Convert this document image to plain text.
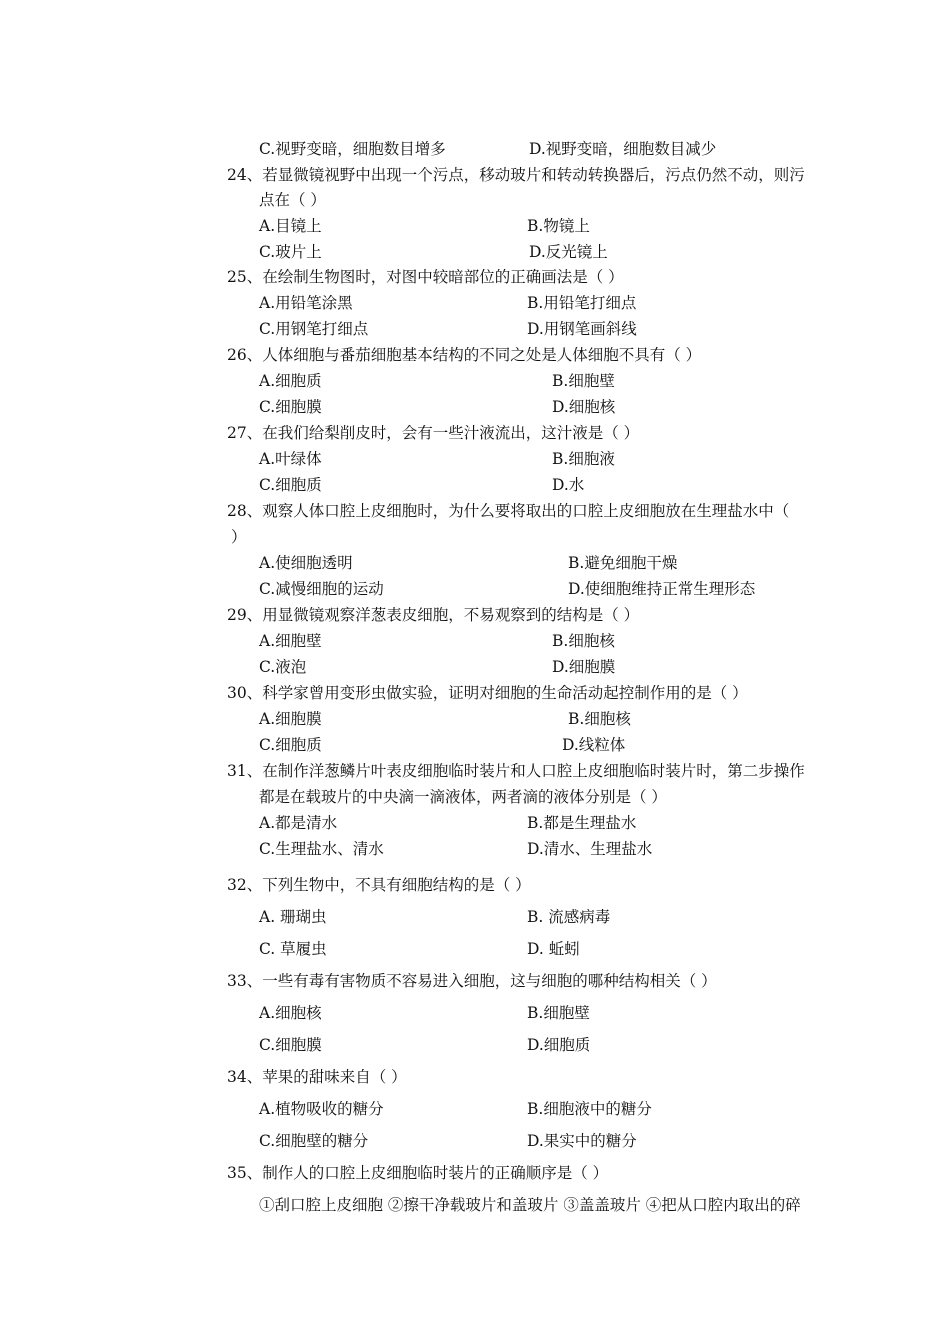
C.视野变暗，细胞数目增多	D.视野变暗，细胞数目减少
24、若显微镜视野中出现一个污点，移动玻片和转动转换器后，污点仍然不动，则污
点在（ ）
A.目镜上	B.物镜上
C.玻片上	D.反光镜上
25、在绘制生物图时，对图中较暗部位的正确画法是（ ）
A.用铅笔涂黑	B.用铅笔打细点
C.用钢笔打细点	D.用钢笔画斜线
26、人体细胞与番茄细胞基本结构的不同之处是人体细胞不具有（ ）
A.细胞质	B.细胞壁
C.细胞膜	D.细胞核
27、在我们给梨削皮时，会有一些汁液流出，这汁液是（ ）
A.叶绿体	B.细胞液
C.细胞质	D.水
28、观察人体口腔上皮细胞时，为什么要将取出的口腔上皮细胞放在生理盐水中（
）
A.使细胞透明	B.避免细胞干燥
C.减慢细胞的运动	D.使细胞维持正常生理形态
29、用显微镜观察洋葱表皮细胞，不易观察到的结构是（ ）
A.细胞壁	B.细胞核
C.液泡	D.细胞膜
30、科学家曾用变形虫做实验，证明对细胞的生命活动起控制作用的是（ ）
A.细胞膜	B.细胞核
C.细胞质	D.线粒体
31、在制作洋葱鳞片叶表皮细胞临时装片和人口腔上皮细胞临时装片时，第二步操作
都是在载玻片的中央滴一滴液体，两者滴的液体分别是（ ）
A.都是清水	B.都是生理盐水
C.生理盐水、清水	D.清水、生理盐水
32、下列生物中，不具有细胞结构的是（ ）
A. 珊瑚虫	B. 流感病毒
C. 草履虫	D. 蚯蚓
33、一些有毒有害物质不容易进入细胞，这与细胞的哪种结构相关（ ）
A.细胞核	B.细胞壁
C.细胞膜	D.细胞质
34、苹果的甜味来自（ ）
A.植物吸收的糖分	B.细胞液中的糖分
C.细胞壁的糖分	D.果实中的糖分
35、制作人的口腔上皮细胞临时装片的正确顺序是（ ）
①刮口腔上皮细胞 ②擦干净载玻片和盖玻片 ③盖盖玻片 ④把从口腔内取出的碎
